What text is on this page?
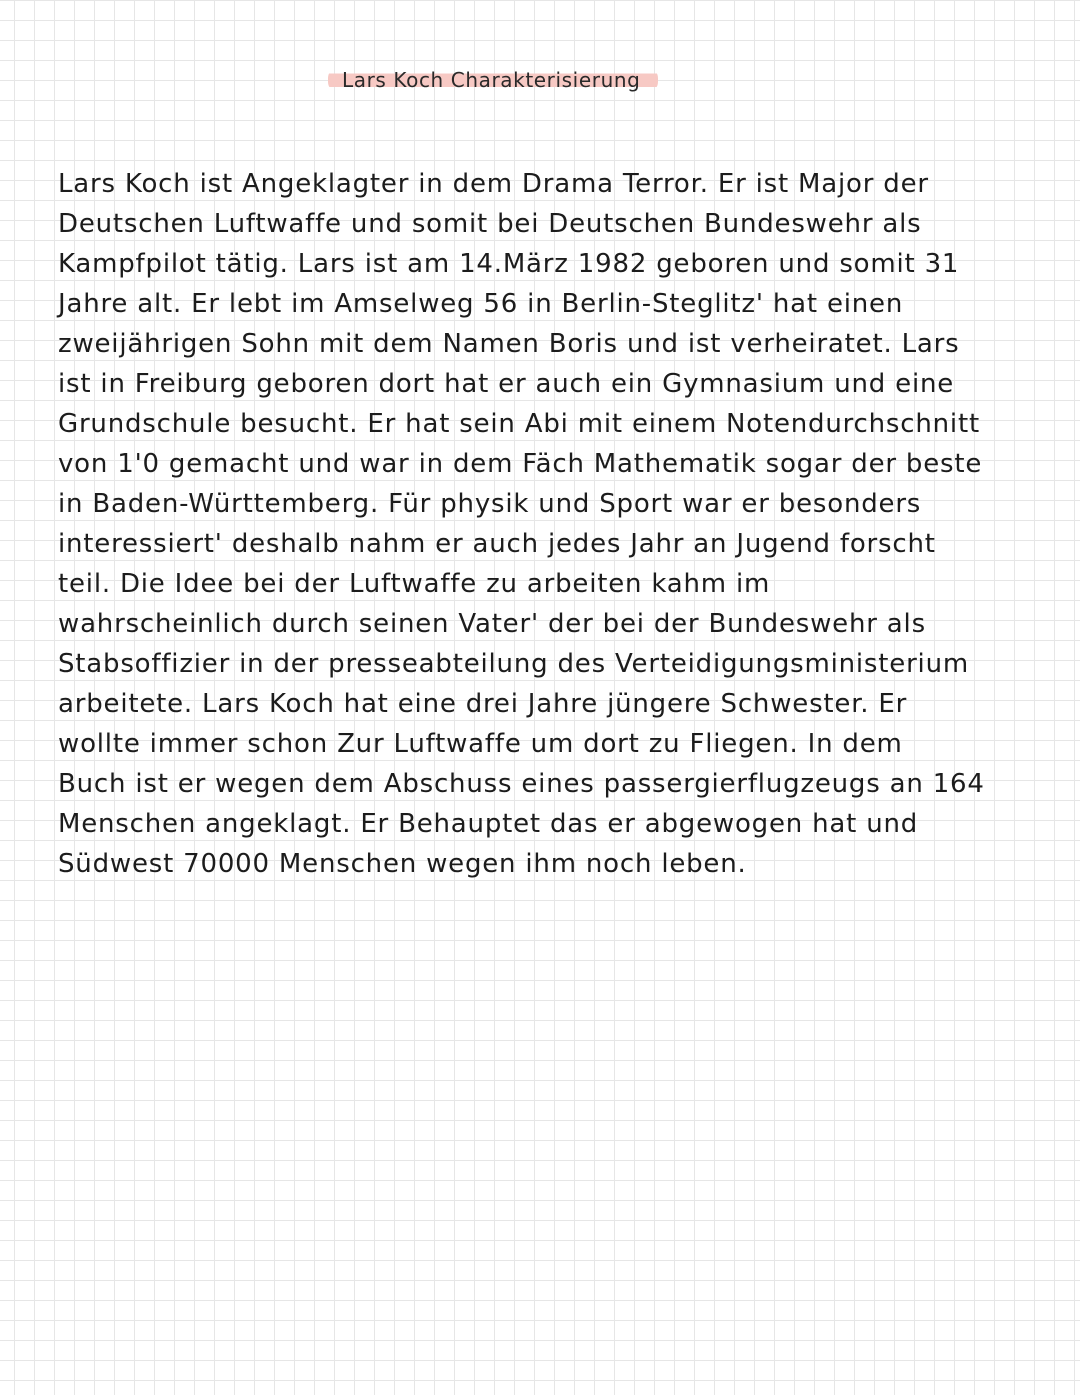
Lars Koch Charakterisierung
Lars Koch ist Angeklagter in dem Drama Terror. Er ist Major der
Deutschen Luftwaffe und somit bei Deutschen Bundeswehr als
Kampfpilot tätig. Lars ist am 14.März 1982 geboren und somit 31
Jahre alt. Er lebt im Amselweg 56 in Berlin-Steglitz' hat einen
zweijährigen Sohn mit dem Namen Boris und ist verheiratet. Lars
ist in Freiburg geboren dort hat er auch ein Gymnasium und eine
Grundschule besucht. Er hat sein Abi mit einem Notendurchschnitt
von 1'0 gemacht und war in dem Fäch Mathematik sogar der beste
in Baden-Württemberg. Für physik und Sport war er besonders
interessiert' deshalb nahm er auch jedes Jahr an Jugend forscht
teil. Die Idee bei der Luftwaffe zu arbeiten kahm im
wahrscheinlich durch seinen Vater' der bei der Bundeswehr als
Stabsoffizier in der presseabteilung des Verteidigungsministerium
arbeitete. Lars Koch hat eine drei Jahre jüngere Schwester. Er
wollte immer schon Zur Luftwaffe um dort zu Fliegen. In dem
Buch ist er wegen dem Abschuss eines passergierflugzeugs an 164
Menschen angeklagt. Er Behauptet das er abgewogen hat und
Südwest 70000 Menschen wegen ihm noch leben.
